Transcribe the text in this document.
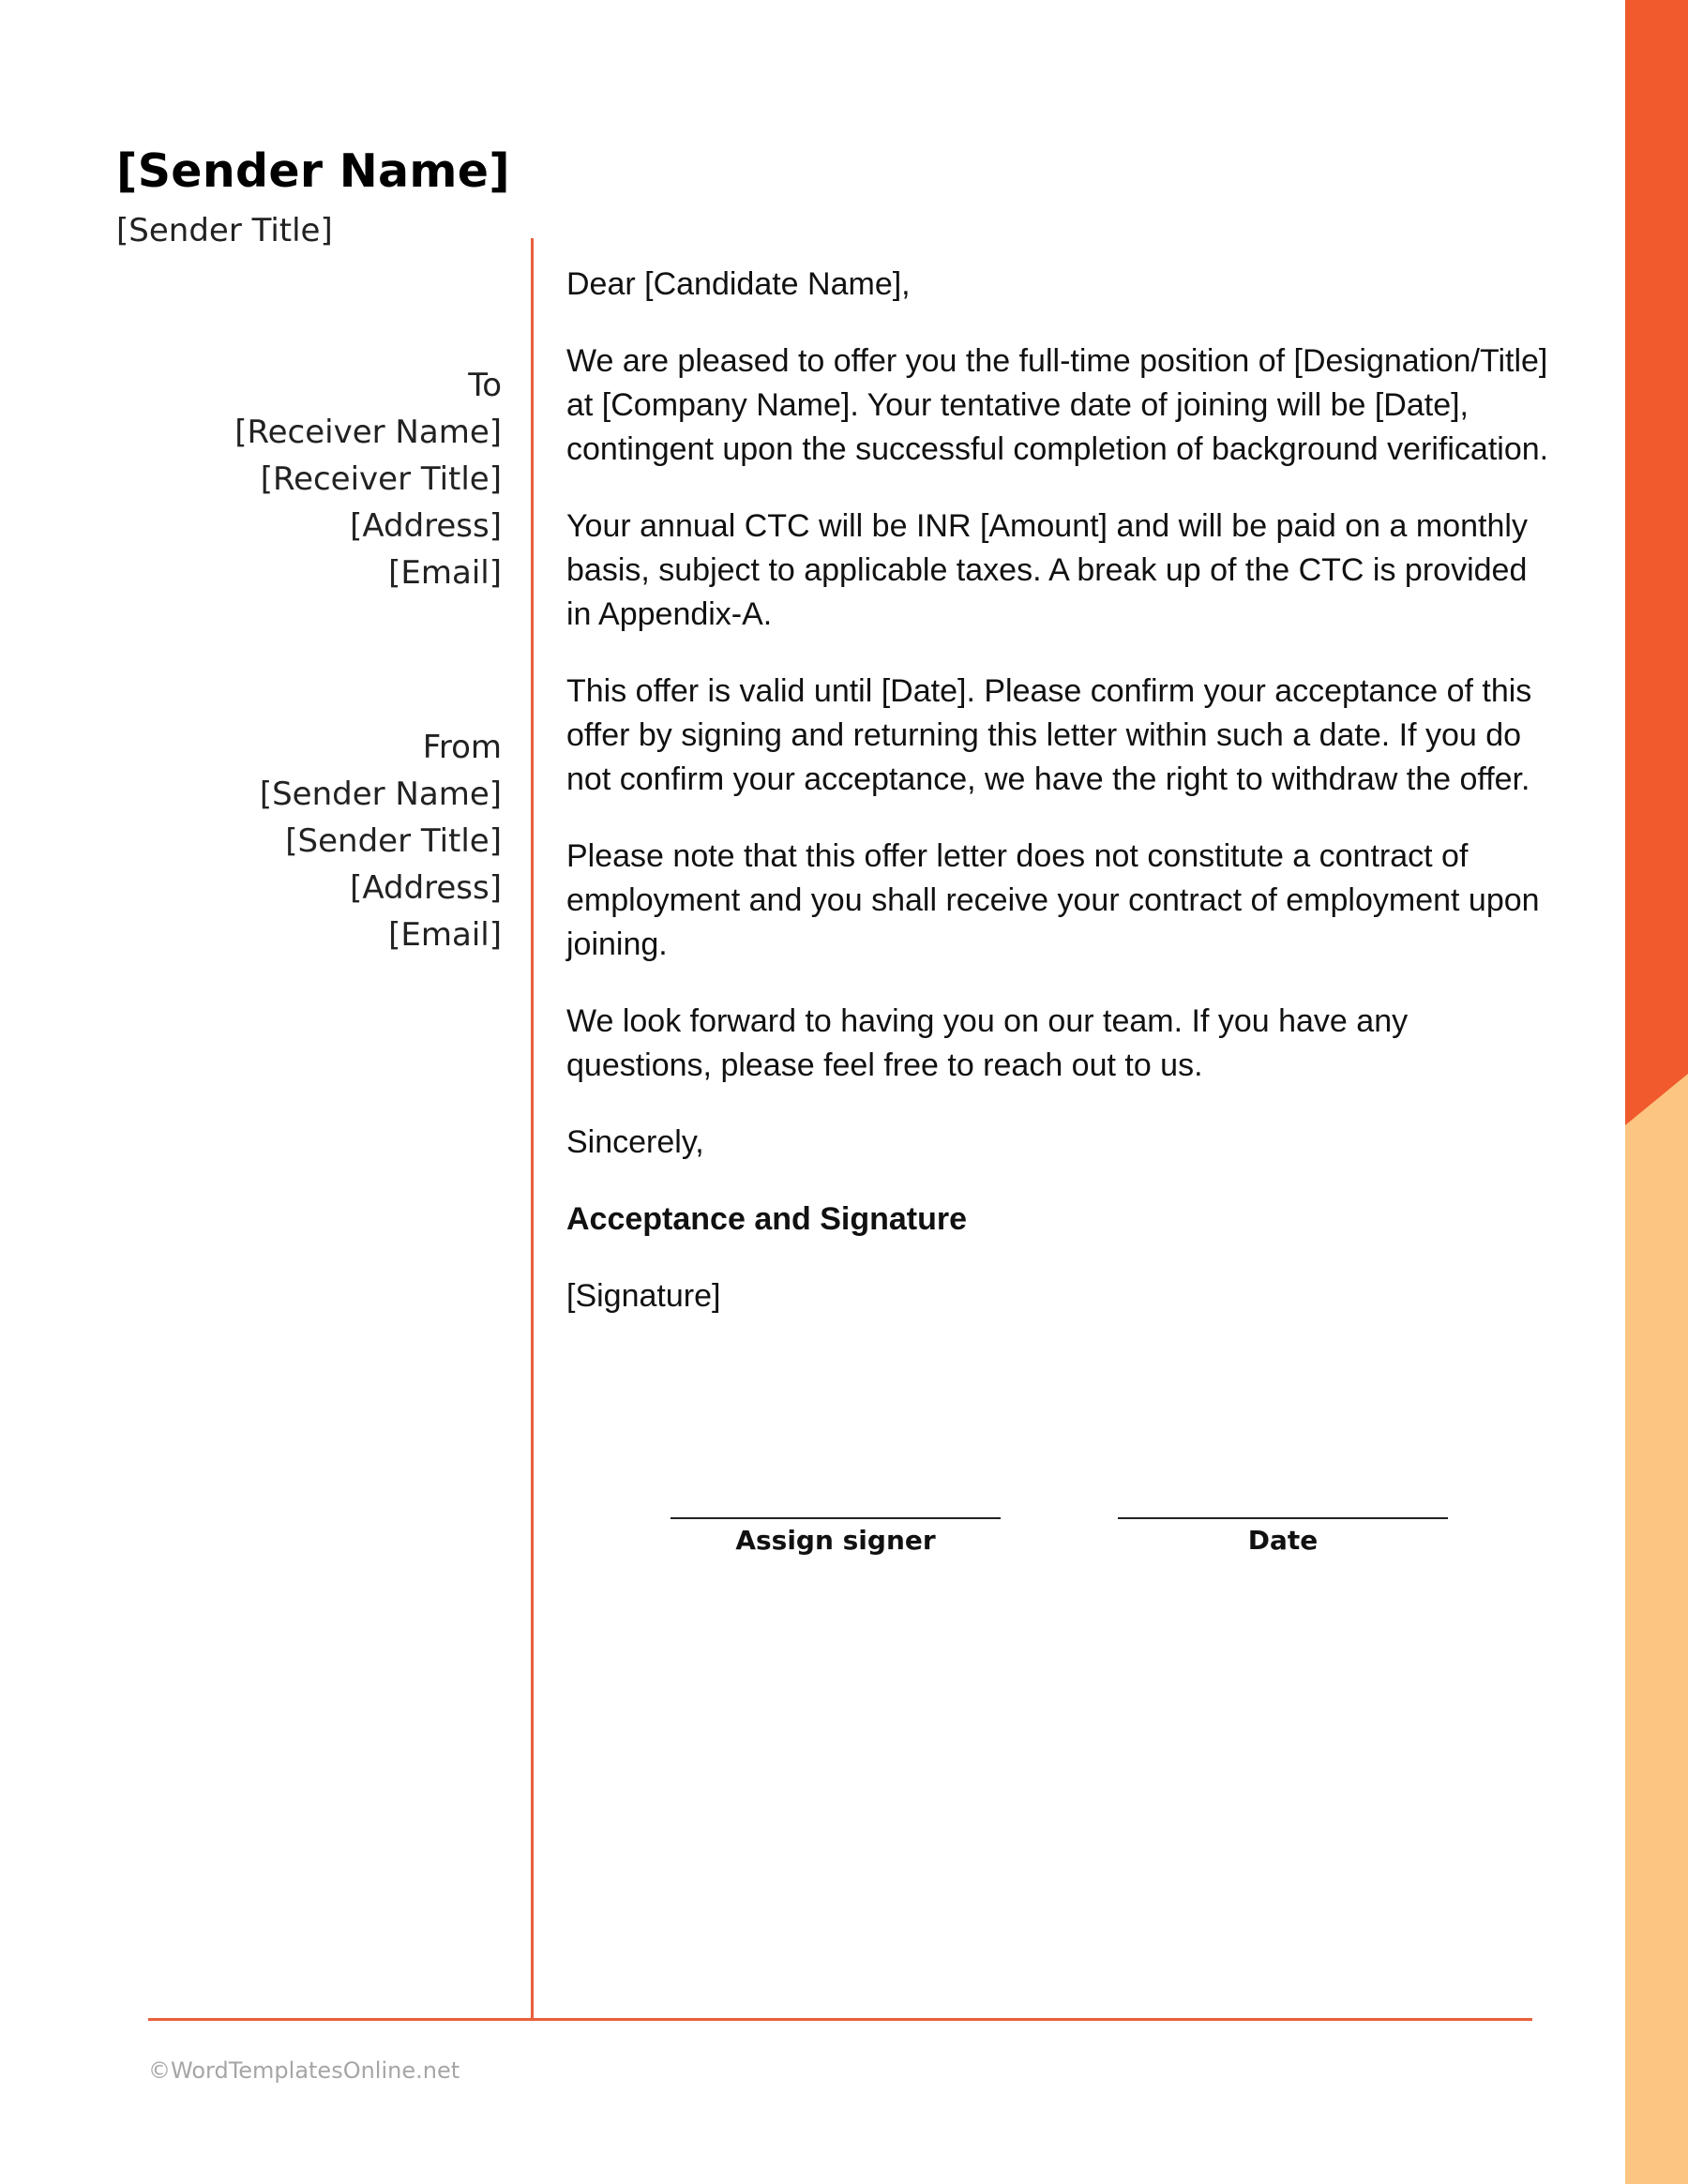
[Sender Name]
[Sender Title]
To
[Receiver Name]
[Receiver Title]
[Address]
[Email]
From
[Sender Name]
[Sender Title]
[Address]
[Email]

Dear [Candidate Name],

We are pleased to offer you the full-time position of [Designation/Title] at [Company Name]. Your tentative date of joining will be [Date], contingent upon the successful completion of background verification.

Your annual CTC will be INR [Amount] and will be paid on a monthly basis, subject to applicable taxes. A break up of the CTC is provided in Appendix-A.

This offer is valid until [Date]. Please confirm your acceptance of this offer by signing and returning this letter within such a date. If you do not confirm your acceptance, we have the right to withdraw the offer.

Please note that this offer letter does not constitute a contract of employment and you shall receive your contract of employment upon joining.

We look forward to having you on our team. If you have any questions, please feel free to reach out to us.

Sincerely,

Acceptance and Signature

[Signature]

Assign signer	Date
©WordTemplatesOnline.net
